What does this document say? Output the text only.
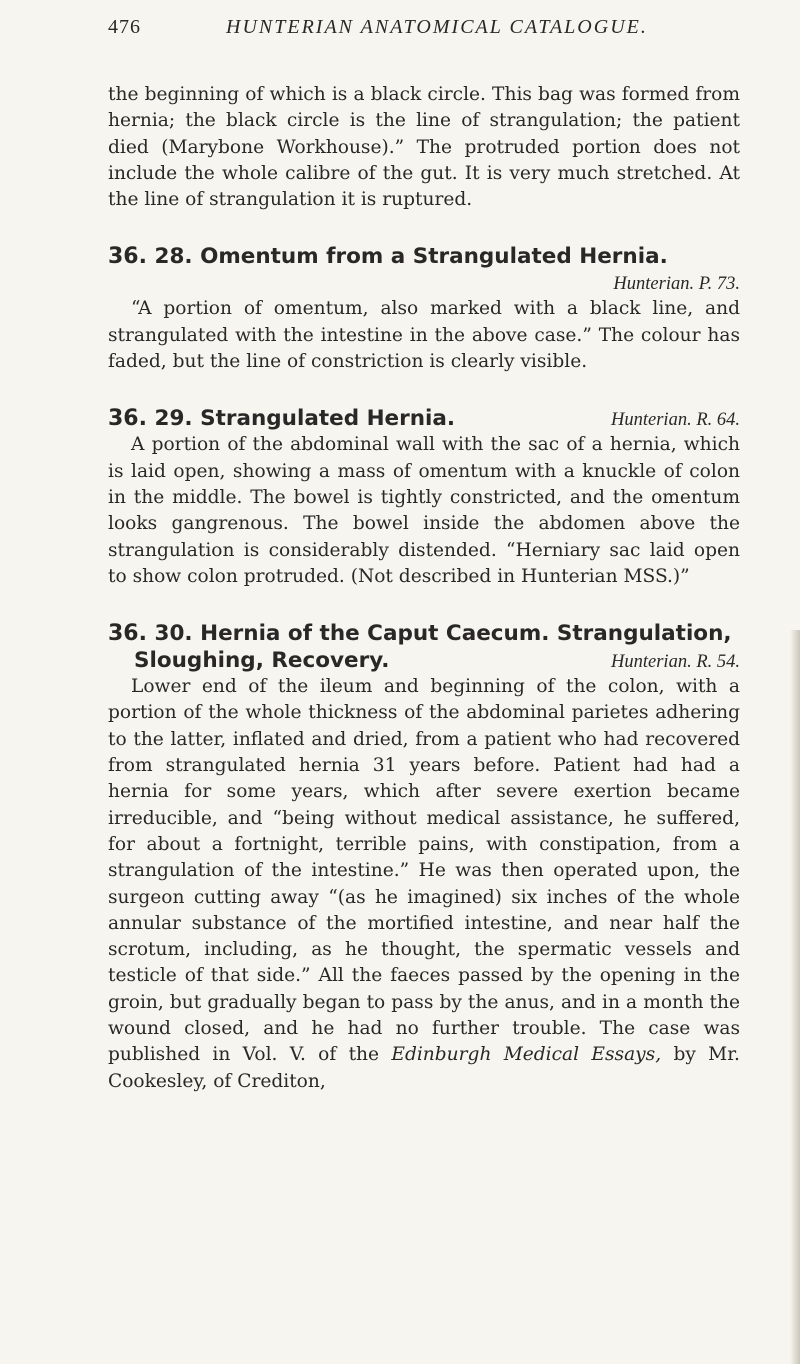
476	HUNTERIAN ANATOMICAL CATALOGUE.

the beginning of which is a black circle. This bag was formed from hernia; the black circle is the line of strangulation; the patient died (Marybone Workhouse).” The protruded portion does not include the whole calibre of the gut. It is very much stretched. At the line of strangulation it is ruptured.

36. 28. Omentum from a Strangulated Hernia.
Hunterian. P. 73.

“A portion of omentum, also marked with a black line, and strangulated with the intestine in the above case.” The colour has faded, but the line of constriction is clearly visible.

36. 29. Strangulated Hernia.	Hunterian. R. 64.

A portion of the abdominal wall with the sac of a hernia, which is laid open, showing a mass of omentum with a knuckle of colon in the middle. The bowel is tightly constricted, and the omentum looks gangrenous. The bowel inside the abdomen above the strangulation is considerably distended. “Herniary sac laid open to show colon protruded. (Not described in Hunterian MSS.)”

36. 30. Hernia of the Caput Caecum. Strangulation,
Sloughing, Recovery.	Hunterian. R. 54.

Lower end of the ileum and beginning of the colon, with a portion of the whole thickness of the abdominal parietes adhering to the latter, inflated and dried, from a patient who had recovered from strangulated hernia 31 years before. Patient had had a hernia for some years, which after severe exertion became irreducible, and “being without medical assistance, he suffered, for about a fortnight, terrible pains, with constipation, from a strangulation of the intestine.” He was then operated upon, the surgeon cutting away “(as he imagined) six inches of the whole annular substance of the mortified intestine, and near half the scrotum, including, as he thought, the spermatic vessels and testicle of that side.” All the faeces passed by the opening in the groin, but gradually began to pass by the anus, and in a month the wound closed, and he had no further trouble. The case was published in Vol. V. of the Edinburgh Medical Essays, by Mr. Cookesley, of Crediton,
